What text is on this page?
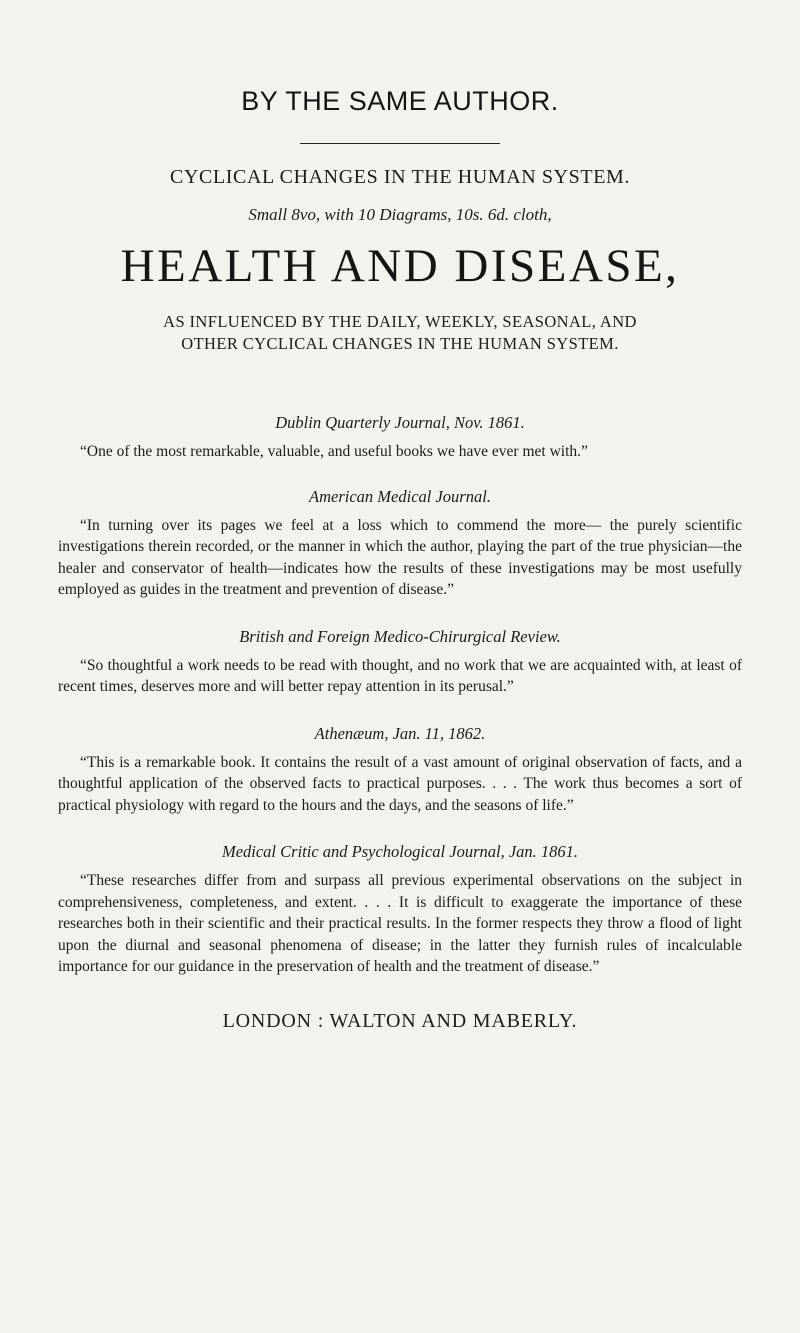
BY THE SAME AUTHOR.
CYCLICAL CHANGES IN THE HUMAN SYSTEM.
Small 8vo, with 10 Diagrams, 10s. 6d. cloth,
HEALTH AND DISEASE,
AS INFLUENCED BY THE DAILY, WEEKLY, SEASONAL, AND
OTHER CYCLICAL CHANGES IN THE HUMAN SYSTEM.
Dublin Quarterly Journal, Nov. 1861.

“One of the most remarkable, valuable, and useful books we have ever met with.”

American Medical Journal.

“In turning over its pages we feel at a loss which to commend the more— the purely scientific investigations therein recorded, or the manner in which the author, playing the part of the true physician—the healer and conservator of health—indicates how the results of these investigations may be most usefully employed as guides in the treatment and prevention of disease.”

British and Foreign Medico-Chirurgical Review.

“So thoughtful a work needs to be read with thought, and no work that we are acquainted with, at least of recent times, deserves more and will better repay attention in its perusal.”

Athenæum, Jan. 11, 1862.

“This is a remarkable book. It contains the result of a vast amount of original observation of facts, and a thoughtful application of the observed facts to practical purposes. . . . The work thus becomes a sort of practical physiology with regard to the hours and the days, and the seasons of life.”

Medical Critic and Psychological Journal, Jan. 1861.

“These researches differ from and surpass all previous experimental observations on the subject in comprehensiveness, completeness, and extent. . . . It is difficult to exaggerate the importance of these researches both in their scientific and their practical results. In the former respects they throw a flood of light upon the diurnal and seasonal phenomena of disease; in the latter they furnish rules of incalculable importance for our guidance in the preservation of health and the treatment of disease.”

LONDON : WALTON AND MABERLY.
